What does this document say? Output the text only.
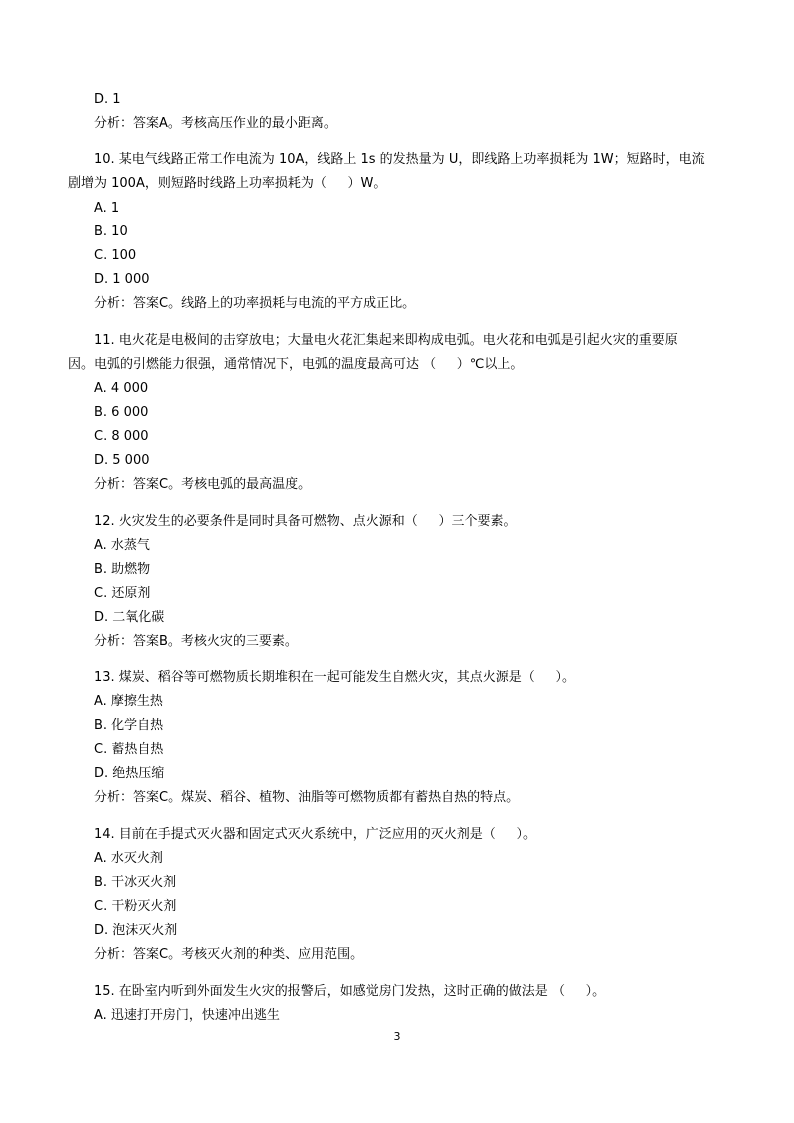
D. 1
分析：答案A。考核高压作业的最小距离。
10. 某电气线路正常工作电流为 10A，线路上 1s 的发热量为 U，即线路上功率损耗为 1W；短路时，电流
剧增为 100A，则短路时线路上功率损耗为（     ）W。
A. 1
B. 10
C. 100
D. 1 000
分析：答案C。线路上的功率损耗与电流的平方成正比。
11. 电火花是电极间的击穿放电；大量电火花汇集起来即构成电弧。电火花和电弧是引起火灾的重要原
因。电弧的引燃能力很强，通常情况下，电弧的温度最高可达 （     ）℃以上。
A. 4 000
B. 6 000
C. 8 000
D. 5 000
分析：答案C。考核电弧的最高温度。
12. 火灾发生的必要条件是同时具备可燃物、点火源和（     ）三个要素。
A. 水蒸气
B. 助燃物
C. 还原剂
D. 二氧化碳
分析：答案B。考核火灾的三要素。
13. 煤炭、稻谷等可燃物质长期堆积在一起可能发生自燃火灾，其点火源是（     ）。
A. 摩擦生热
B. 化学自热
C. 蓄热自热
D. 绝热压缩
分析：答案C。煤炭、稻谷、植物、油脂等可燃物质都有蓄热自热的特点。
14. 目前在手提式灭火器和固定式灭火系统中，广泛应用的灭火剂是（     ）。
A. 水灭火剂
B. 干冰灭火剂
C. 干粉灭火剂
D. 泡沫灭火剂
分析：答案C。考核灭火剂的种类、应用范围。
15. 在卧室内听到外面发生火灾的报警后，如感觉房门发热，这时正确的做法是 （     ）。
A. 迅速打开房门，快速冲出逃生
3
